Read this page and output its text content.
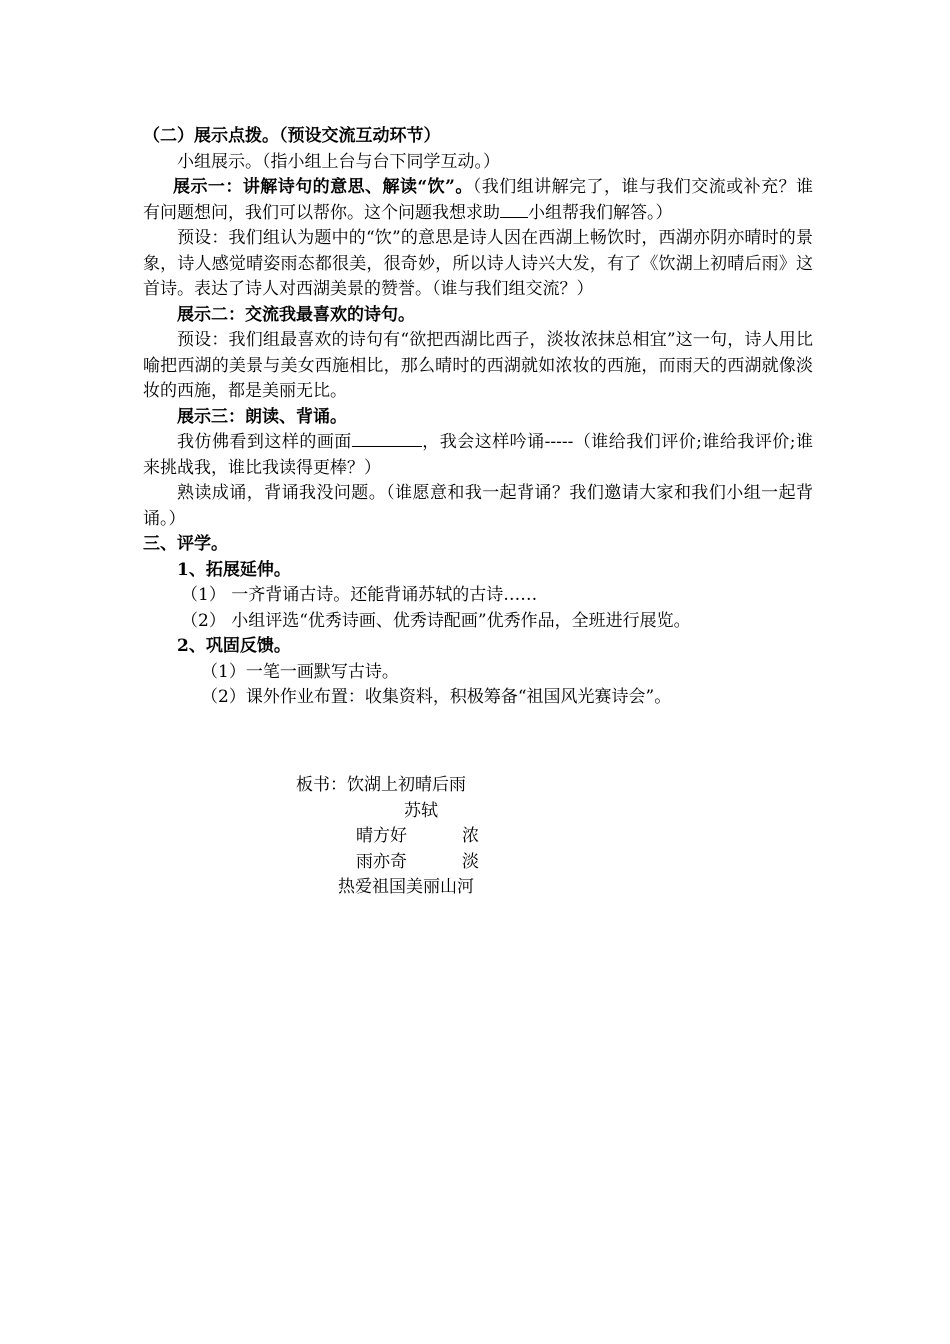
（二）展示点拨。（预设交流互动环节）

小组展示。（指小组上台与台下同学互动。）

展示一：讲解诗句的意思、解读“饮”。（我们组讲解完了，谁与我们交流或补充？谁有问题想问，我们可以帮你。这个问题我想求助 小组帮我们解答。）

预设：我们组认为题中的“饮”的意思是诗人因在西湖上畅饮时，西湖亦阴亦晴时的景象，诗人感觉晴姿雨态都很美，很奇妙，所以诗人诗兴大发，有了《饮湖上初晴后雨》这首诗。表达了诗人对西湖美景的赞誉。（谁与我们组交流？）

展示二：交流我最喜欢的诗句。

预设：我们组最喜欢的诗句有“欲把西湖比西子，淡妆浓抹总相宜”这一句，诗人用比喻把西湖的美景与美女西施相比，那么晴时的西湖就如浓妆的西施，而雨天的西湖就像淡妆的西施，都是美丽无比。

展示三：朗读、背诵。

我仿佛看到这样的画面	，我会这样吟诵-----（谁给我们评价;谁给我评价;谁来挑战我，谁比我读得更棒？）

熟读成诵，背诵我没问题。（谁愿意和我一起背诵？我们邀请大家和我们小组一起背诵。）

三、评学。

1、拓展延伸。

（1） 一齐背诵古诗。还能背诵苏轼的古诗……

（2） 小组评选“优秀诗画、优秀诗配画”优秀作品，全班进行展览。

2、巩固反馈。

（1）一笔一画默写古诗。

（2）课外作业布置：收集资料，积极筹备“祖国风光赛诗会”。

板书：饮湖上初晴后雨
苏轼
晴方好	浓
雨亦奇	淡
热爱祖国美丽山河
